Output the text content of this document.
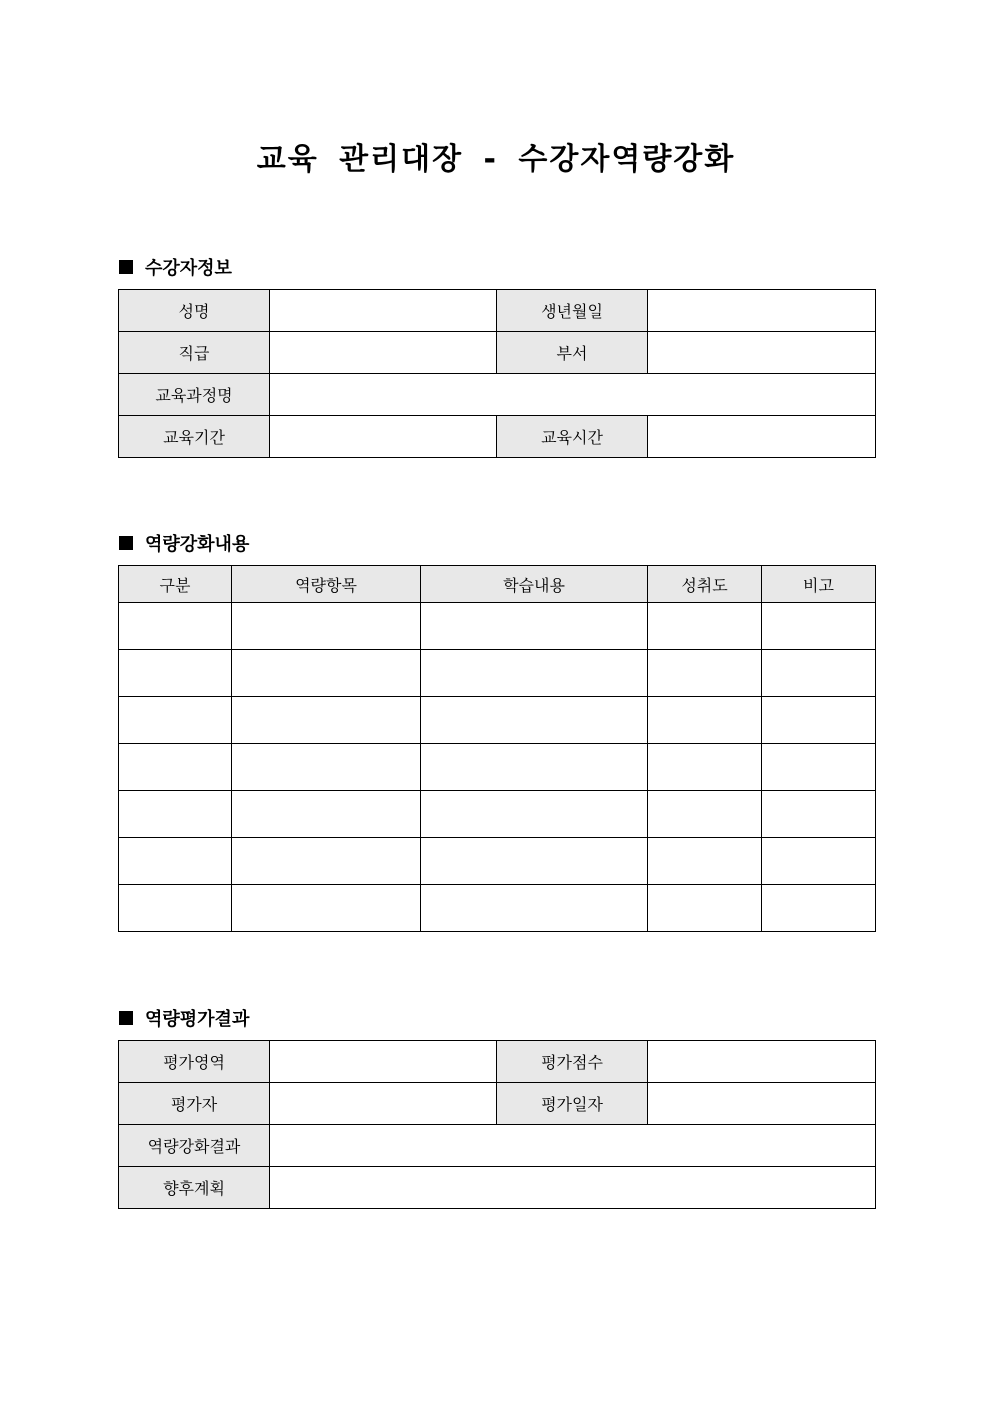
교육 관리대장 - 수강자역량강화
수강자정보
성명		생년월일	
직급		부서	
교육과정명			
교육기간		교육시간	
역량강화내용
구분	역량항목	학습내용	성취도	비고

역량평가결과
평가영역		평가점수	
평가자		평가일자	
역량강화결과			
향후계획			
